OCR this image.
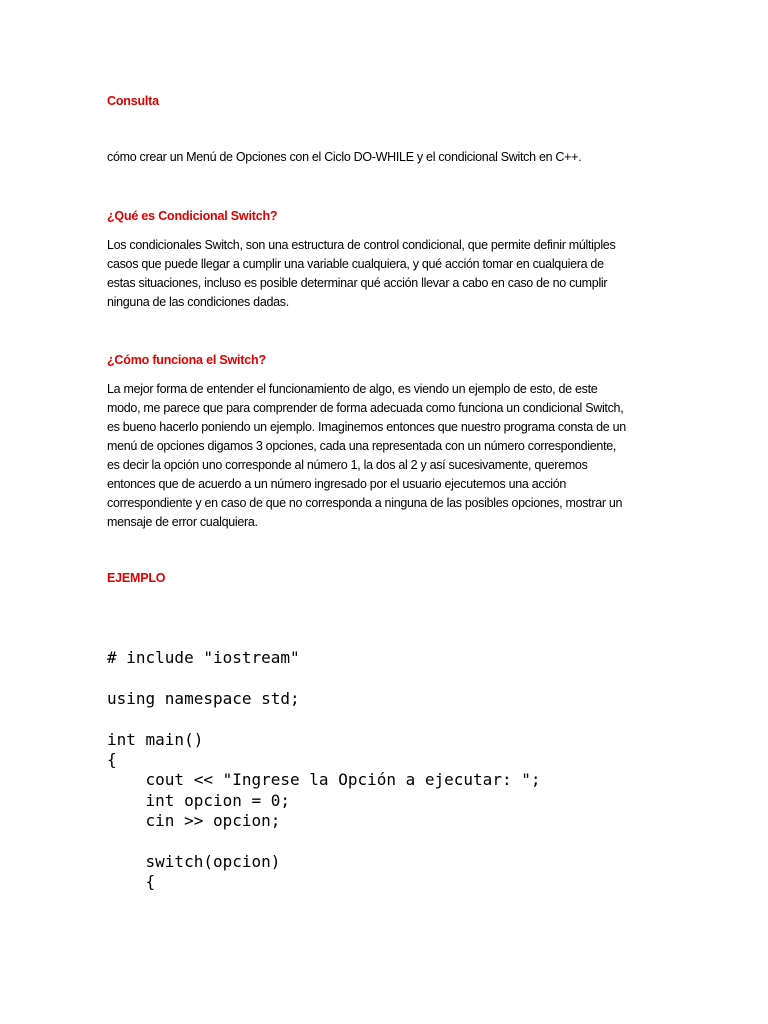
Consulta

cómo crear un Menú de Opciones con el Ciclo DO-WHILE y el condicional Switch en C++.

¿Qué es Condicional Switch?

Los condicionales Switch, son una estructura de control condicional, que permite definir múltiples
casos que puede llegar a cumplir una variable cualquiera, y qué acción tomar en cualquiera de
estas situaciones, incluso es posible determinar qué acción llevar a cabo en caso de no cumplir
ninguna de las condiciones dadas.

¿Cómo funciona el Switch?

La mejor forma de entender el funcionamiento de algo, es viendo un ejemplo de esto, de este
modo, me parece que para comprender de forma adecuada como funciona un condicional Switch,
es bueno hacerlo poniendo un ejemplo. Imaginemos entonces que nuestro programa consta de un
menú de opciones digamos 3 opciones, cada una representada con un número correspondiente,
es decir la opción uno corresponde al número 1, la dos al 2 y así sucesivamente, queremos
entonces que de acuerdo a un número ingresado por el usuario ejecutemos una acción
correspondiente y en caso de que no corresponda a ninguna de las posibles opciones, mostrar un
mensaje de error cualquiera.

EJEMPLO

# include "iostream"
using namespace std;
int main()
{
cout << "Ingrese la Opción a ejecutar: ";
int opcion = 0;
cin >> opcion;
switch(opcion)
{
